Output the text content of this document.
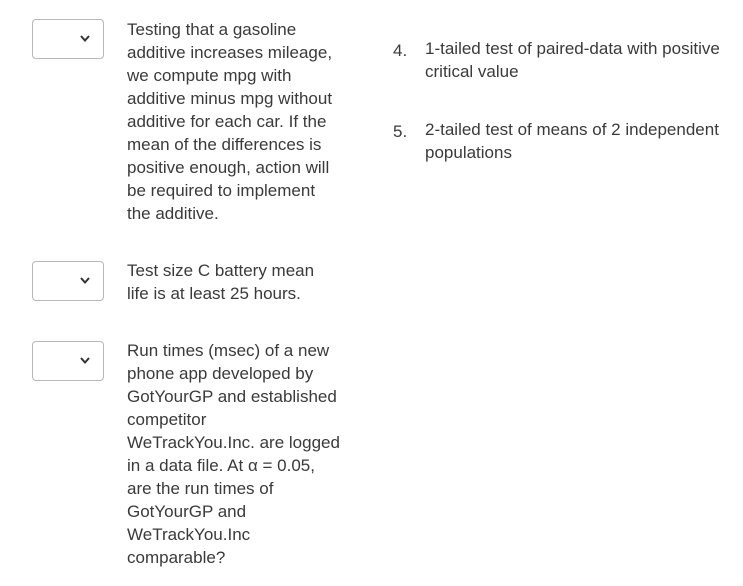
Testing that a gasoline
additive increases mileage,
we compute mpg with
additive minus mpg without
additive for each car. If the
mean of the differences is
positive enough, action will
be required to implement
the additive.
Test size C battery mean
life is at least 25 hours.
Run times (msec) of a new
phone app developed by
GotYourGP and established
competitor
WeTrackYou.Inc. are logged
in a data file. At α = 0.05,
are the run times of
GotYourGP and
WeTrackYou.Inc
comparable?
4.	1-tailed test of paired-data with positive critical value
5.	2-tailed test of means of 2 independent populations
